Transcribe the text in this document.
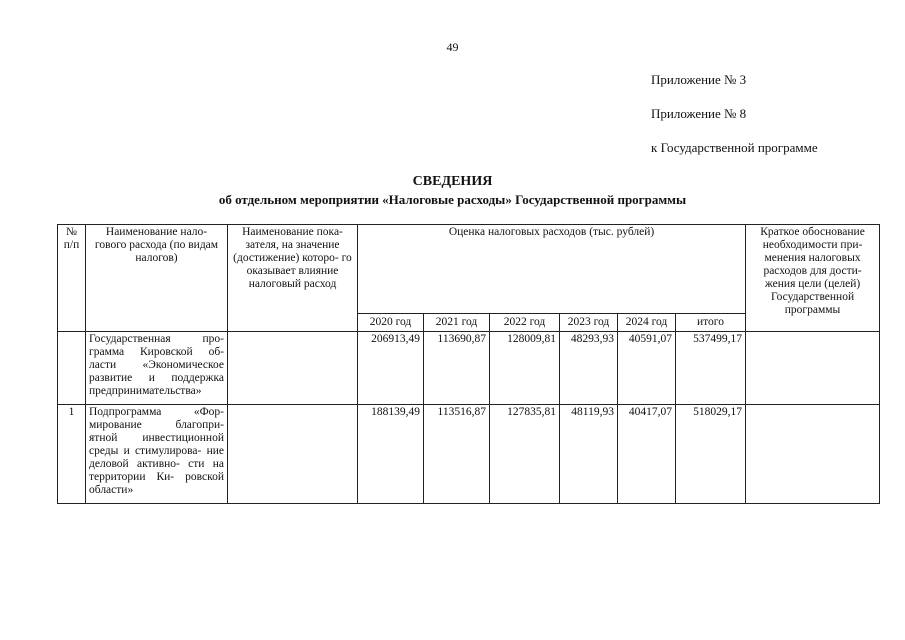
49
Приложение № 3
Приложение № 8
к Государственной программе
СВЕДЕНИЯ
об отдельном мероприятии «Налоговые расходы» Государственной программы
№ п/п	Наименование нало- гового расхода (по видам налогов)	Наименование пока- зателя, на значение (достижение) которо- го оказывает влияние налоговый расход	Оценка налоговых расходов (тыс. рублей)						Краткое обоснование необходимости при- менения налоговых расходов для дости- жения цели (целей) Государственной программы
			2020 год	2021 год	2022 год	2023 год	2024 год	итого	
	Государственная про- грамма Кировской об- ласти «Экономическое развитие и поддержка предпринимательства»		206913,49	113690,87	128009,81	48293,93	40591,07	537499,17	
1	Подпрограмма «Фор- мирование благопри- ятной инвестиционной среды и стимулирова- ние деловой активно- сти на территории Ки- ровской области»		188139,49	113516,87	127835,81	48119,93	40417,07	518029,17	
